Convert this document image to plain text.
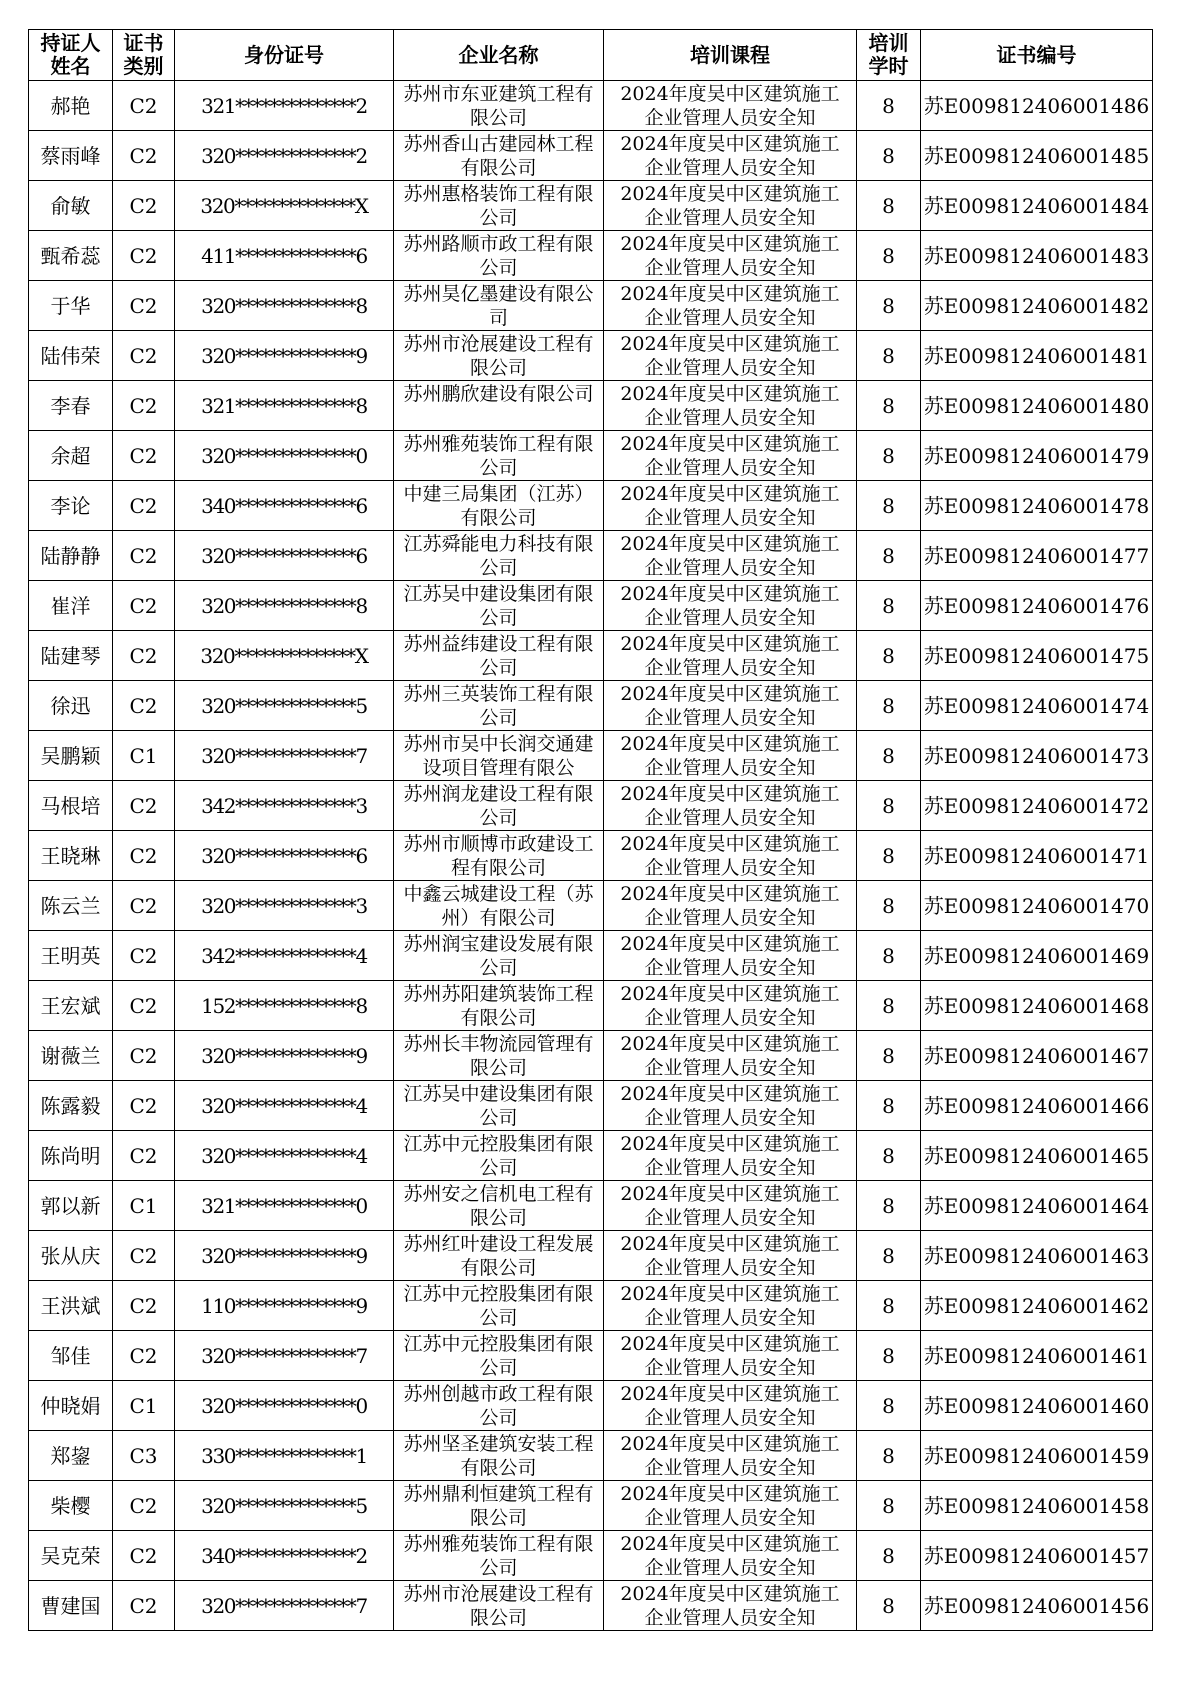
持证人姓名	证书类别	身份证号	企业名称	培训课程	培训学时	证书编号
郝艳	C2	321**************2	苏州市东亚建筑工程有限公司	2024年度吴中区建筑施工企业管理人员安全知	8	苏E009812406001486
蔡雨峰	C2	320**************2	苏州香山古建园林工程有限公司	2024年度吴中区建筑施工企业管理人员安全知	8	苏E009812406001485
俞敏	C2	320**************X	苏州惠格装饰工程有限公司	2024年度吴中区建筑施工企业管理人员安全知	8	苏E009812406001484
甄希蕊	C2	411**************6	苏州路顺市政工程有限公司	2024年度吴中区建筑施工企业管理人员安全知	8	苏E009812406001483
于华	C2	320**************8	苏州昊亿墨建设有限公司	2024年度吴中区建筑施工企业管理人员安全知	8	苏E009812406001482
陆伟荣	C2	320**************9	苏州市沧展建设工程有限公司	2024年度吴中区建筑施工企业管理人员安全知	8	苏E009812406001481
李春	C2	321**************8	苏州鹏欣建设有限公司	2024年度吴中区建筑施工企业管理人员安全知	8	苏E009812406001480
余超	C2	320**************0	苏州雅苑装饰工程有限公司	2024年度吴中区建筑施工企业管理人员安全知	8	苏E009812406001479
李论	C2	340**************6	中建三局集团（江苏）有限公司	2024年度吴中区建筑施工企业管理人员安全知	8	苏E009812406001478
陆静静	C2	320**************6	江苏舜能电力科技有限公司	2024年度吴中区建筑施工企业管理人员安全知	8	苏E009812406001477
崔洋	C2	320**************8	江苏吴中建设集团有限公司	2024年度吴中区建筑施工企业管理人员安全知	8	苏E009812406001476
陆建琴	C2	320**************X	苏州益纬建设工程有限公司	2024年度吴中区建筑施工企业管理人员安全知	8	苏E009812406001475
徐迅	C2	320**************5	苏州三英装饰工程有限公司	2024年度吴中区建筑施工企业管理人员安全知	8	苏E009812406001474
吴鹏颖	C1	320**************7	苏州市吴中长润交通建设项目管理有限公	2024年度吴中区建筑施工企业管理人员安全知	8	苏E009812406001473
马根培	C2	342**************3	苏州润龙建设工程有限公司	2024年度吴中区建筑施工企业管理人员安全知	8	苏E009812406001472
王晓琳	C2	320**************6	苏州市顺博市政建设工程有限公司	2024年度吴中区建筑施工企业管理人员安全知	8	苏E009812406001471
陈云兰	C2	320**************3	中鑫云城建设工程（苏州）有限公司	2024年度吴中区建筑施工企业管理人员安全知	8	苏E009812406001470
王明英	C2	342**************4	苏州润宝建设发展有限公司	2024年度吴中区建筑施工企业管理人员安全知	8	苏E009812406001469
王宏斌	C2	152**************8	苏州苏阳建筑装饰工程有限公司	2024年度吴中区建筑施工企业管理人员安全知	8	苏E009812406001468
谢薇兰	C2	320**************9	苏州长丰物流园管理有限公司	2024年度吴中区建筑施工企业管理人员安全知	8	苏E009812406001467
陈露毅	C2	320**************4	江苏吴中建设集团有限公司	2024年度吴中区建筑施工企业管理人员安全知	8	苏E009812406001466
陈尚明	C2	320**************4	江苏中元控股集团有限公司	2024年度吴中区建筑施工企业管理人员安全知	8	苏E009812406001465
郭以新	C1	321**************0	苏州安之信机电工程有限公司	2024年度吴中区建筑施工企业管理人员安全知	8	苏E009812406001464
张从庆	C2	320**************9	苏州红叶建设工程发展有限公司	2024年度吴中区建筑施工企业管理人员安全知	8	苏E009812406001463
王洪斌	C2	110**************9	江苏中元控股集团有限公司	2024年度吴中区建筑施工企业管理人员安全知	8	苏E009812406001462
邹佳	C2	320**************7	江苏中元控股集团有限公司	2024年度吴中区建筑施工企业管理人员安全知	8	苏E009812406001461
仲晓娟	C1	320**************0	苏州创越市政工程有限公司	2024年度吴中区建筑施工企业管理人员安全知	8	苏E009812406001460
郑鋆	C3	330**************1	苏州坚圣建筑安装工程有限公司	2024年度吴中区建筑施工企业管理人员安全知	8	苏E009812406001459
柴樱	C2	320**************5	苏州鼎利恒建筑工程有限公司	2024年度吴中区建筑施工企业管理人员安全知	8	苏E009812406001458
吴克荣	C2	340**************2	苏州雅苑装饰工程有限公司	2024年度吴中区建筑施工企业管理人员安全知	8	苏E009812406001457
曹建国	C2	320**************7	苏州市沧展建设工程有限公司	2024年度吴中区建筑施工企业管理人员安全知	8	苏E009812406001456
